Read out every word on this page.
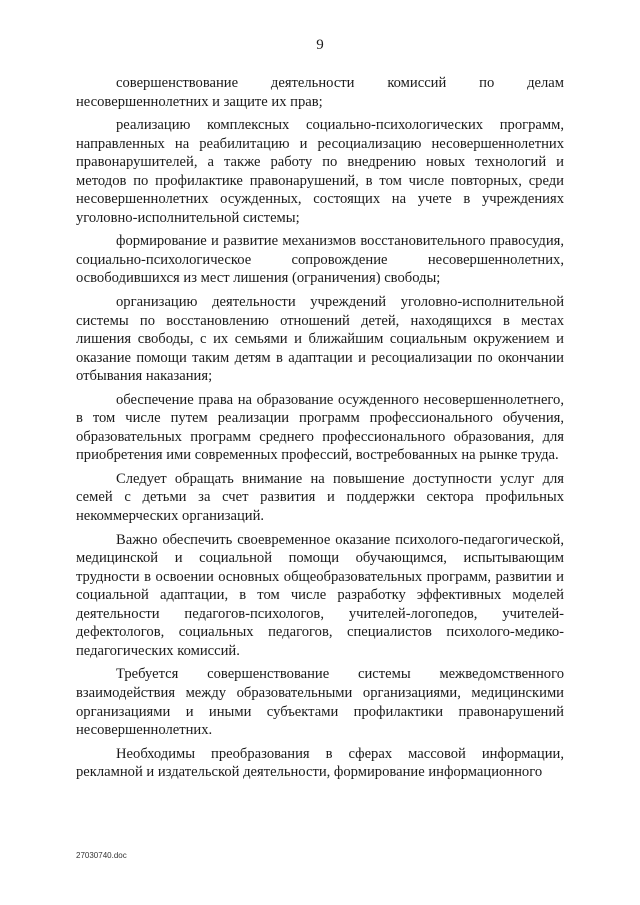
9

совершенствование деятельности комиссий по делам несовершеннолетних и защите их прав;

реализацию комплексных социально-психологических программ, направленных на реабилитацию и ресоциализацию несовершеннолетних правонарушителей, а также работу по внедрению новых технологий и методов по профилактике правонарушений, в том числе повторных, среди несовершеннолетних осужденных, состоящих на учете в учреждениях уголовно-исполнительной системы;

формирование и развитие механизмов восстановительного правосудия, социально-психологическое сопровождение несовершеннолетних, освободившихся из мест лишения (ограничения) свободы;

организацию деятельности учреждений уголовно-исполнительной системы по восстановлению отношений детей, находящихся в местах лишения свободы, с их семьями и ближайшим социальным окружением и оказание помощи таким детям в адаптации и ресоциализации по окончании отбывания наказания;

обеспечение права на образование осужденного несовершеннолетнего, в том числе путем реализации программ профессионального обучения, образовательных программ среднего профессионального образования, для приобретения ими современных профессий, востребованных на рынке труда.

Следует обращать внимание на повышение доступности услуг для семей с детьми за счет развития и поддержки сектора профильных некоммерческих организаций.

Важно обеспечить своевременное оказание психолого-педагогической, медицинской и социальной помощи обучающимся, испытывающим трудности в освоении основных общеобразовательных программ, развитии и социальной адаптации, в том числе разработку эффективных моделей деятельности педагогов-психологов, учителей-логопедов, учителей-дефектологов, социальных педагогов, специалистов психолого-медико-педагогических комиссий.

Требуется совершенствование системы межведомственного взаимодействия между образовательными организациями, медицинскими организациями и иными субъектами профилактики правонарушений несовершеннолетних.

Необходимы преобразования в сферах массовой информации, рекламной и издательской деятельности, формирование информационного

27030740.doc
